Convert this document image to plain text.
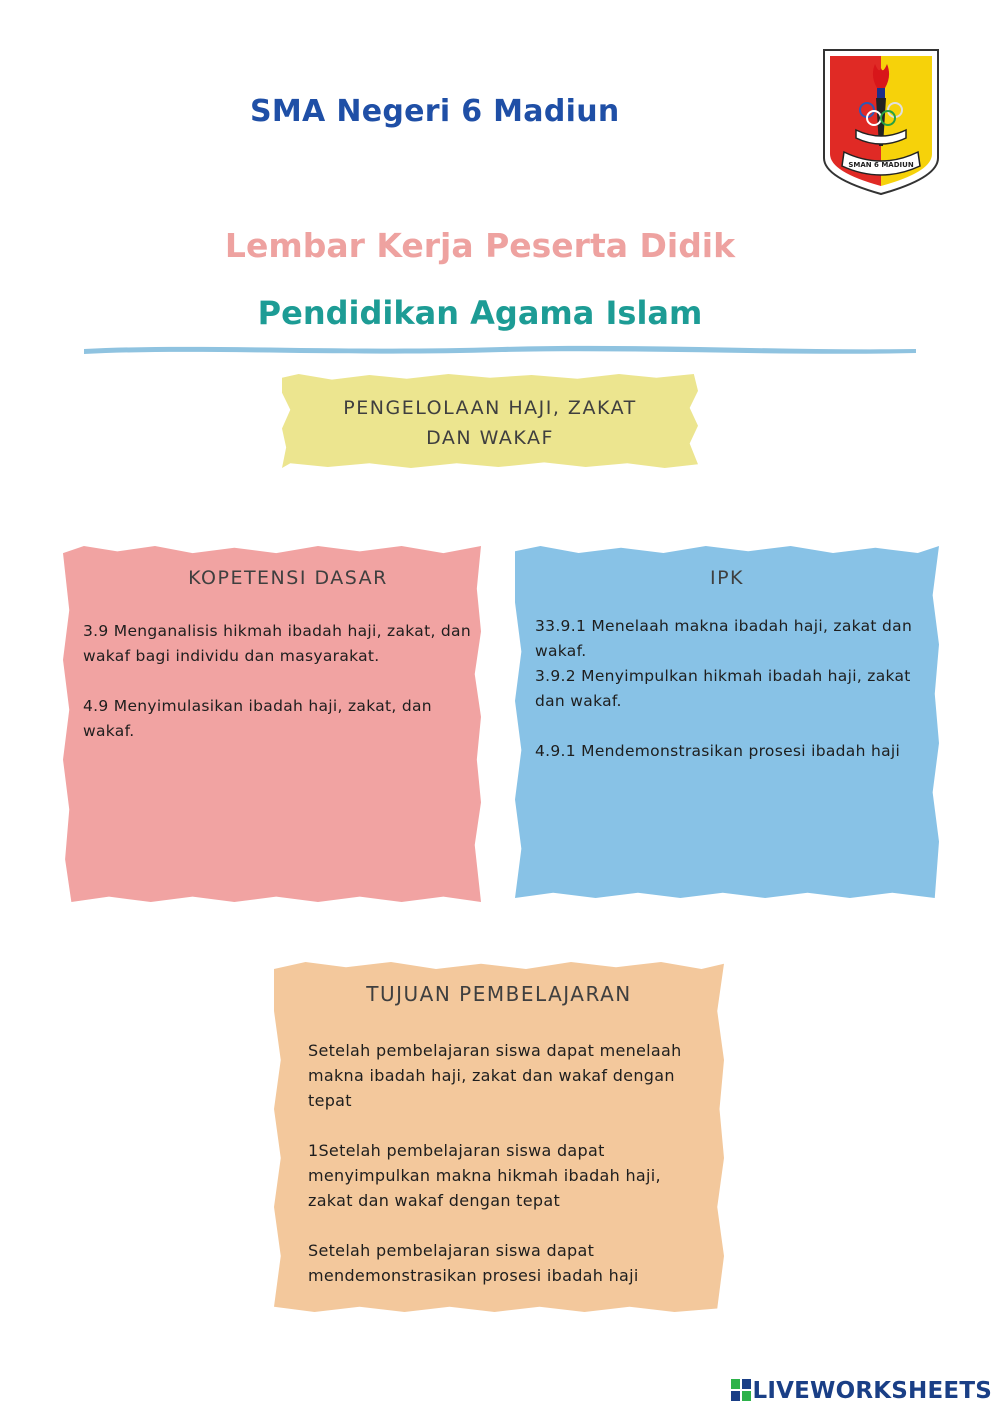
SMA Negeri 6 Madiun
SMAN 6 MADIUN
Lembar Kerja Peserta Didik
Pendidikan Agama Islam
PENGELOLAAN HAJI, ZAKAT
DAN WAKAF
KOPETENSI DASAR

3.9 Menganalisis hikmah ibadah haji, zakat, dan wakaf bagi individu dan masyarakat.

4.9 Menyimulasikan ibadah haji, zakat, dan wakaf.

IPK
33.9.1 Menelaah makna ibadah haji, zakat dan wakaf.

3.9.2 Menyimpulkan hikmah ibadah haji, zakat dan wakaf.

4.9.1 Mendemonstrasikan prosesi ibadah haji

TUJUAN PEMBELAJARAN

Setelah pembelajaran siswa dapat menelaah makna ibadah haji, zakat dan wakaf dengan tepat

1Setelah pembelajaran siswa dapat menyimpulkan makna hikmah ibadah haji, zakat dan wakaf dengan tepat

Setelah pembelajaran siswa dapat mendemonstrasikan prosesi ibadah haji

LIVEWORKSHEETS
